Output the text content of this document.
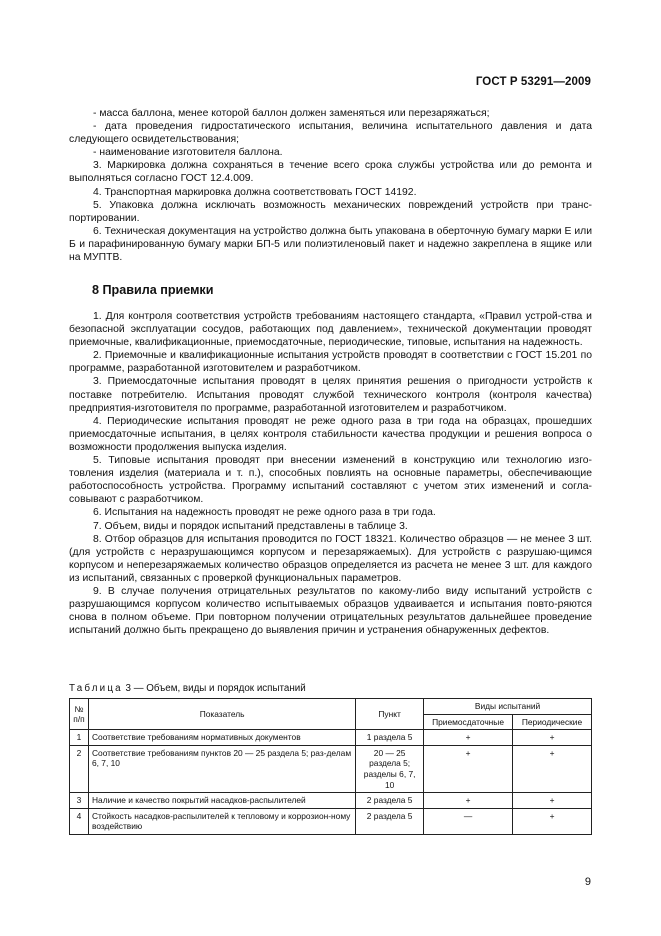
ГОСТ Р 53291—2009

- масса баллона, менее которой баллон должен заменяться или перезаряжаться;

- дата проведения гидростатического испытания, величина испытательного давления и дата следующего освидетельствования;

- наименование изготовителя баллона.

3. Маркировка должна сохраняться в течение всего срока службы устройства или до ремонта и выполняться согласно ГОСТ 12.4.009.

4. Транспортная маркировка должна соответствовать ГОСТ 14192.

5. Упаковка должна исключать возможность механических повреждений устройств при транс-портировании.

6. Техническая документация на устройство должна быть упакована в оберточную бумагу марки Е или Б и парафинированную бумагу марки БП-5 или полиэтиленовый пакет и надежно закреплена в ящике или на МУПТВ.

8 Правила приемки

1. Для контроля соответствия устройств требованиям настоящего стандарта, «Правил устрой-ства и безопасной эксплуатации сосудов, работающих под давлением», технической документации проводят приемочные, квалификационные, приемосдаточные, периодические, типовые, испытания на надежность.

2. Приемочные и квалификационные испытания устройств проводят в соответствии с ГОСТ 15.201 по программе, разработанной изготовителем и разработчиком.

3. Приемосдаточные испытания проводят в целях принятия решения о пригодности устройств к поставке потребителю. Испытания проводят службой технического контроля (контроля качества) предприятия-изготовителя по программе, разработанной изготовителем и разработчиком.

4. Периодические испытания проводят не реже одного раза в три года на образцах, прошедших приемосдаточные испытания, в целях контроля стабильности качества продукции и решения вопроса о возможности продолжения выпуска изделия.

5. Типовые испытания проводят при внесении изменений в конструкцию или технологию изго-товления изделия (материала и т. п.), способных повлиять на основные параметры, обеспечивающие работоспособность устройства. Программу испытаний составляют с учетом этих изменений и согла-совывают с разработчиком.

6. Испытания на надежность проводят не реже одного раза в три года.

7. Объем, виды и порядок испытаний представлены в таблице 3.

8. Отбор образцов для испытания проводится по ГОСТ 18321. Количество образцов — не менее 3 шт. (для устройств с неразрушающимся корпусом и перезаряжаемых). Для устройств с разрушаю-щимся корпусом и неперезаряжаемых количество образцов определяется из расчета не менее 3 шт. для каждого из испытаний, связанных с проверкой функциональных параметров.

9. В случае получения отрицательных результатов по какому-либо виду испытаний устройств с разрушающимся корпусом количество испытываемых образцов удваивается и испытания повто-ряются снова в полном объеме. При повторном получении отрицательных результатов дальнейшее проведение испытаний должно быть прекращено до выявления причин и устранения обнаруженных дефектов.

Таблица 3 — Объем, виды и порядок испытаний
№ п/п	Показатель	Пункт	Виды испытаний	
			Приемосдаточные	Периодические
1	Соответствие требованиям нормативных документов	1 раздела 5	+	+
2	Соответствие требованиям пунктов 20 — 25 раздела 5; раз-делам 6, 7, 10	20 — 25 раздела 5; разделы 6, 7, 10	+	+
3	Наличие и качество покрытий насадков-распылителей	2 раздела 5	+	+
4	Стойкость насадков-распылителей к тепловому и коррозион-ному воздействию	2 раздела 5	—	+
9
